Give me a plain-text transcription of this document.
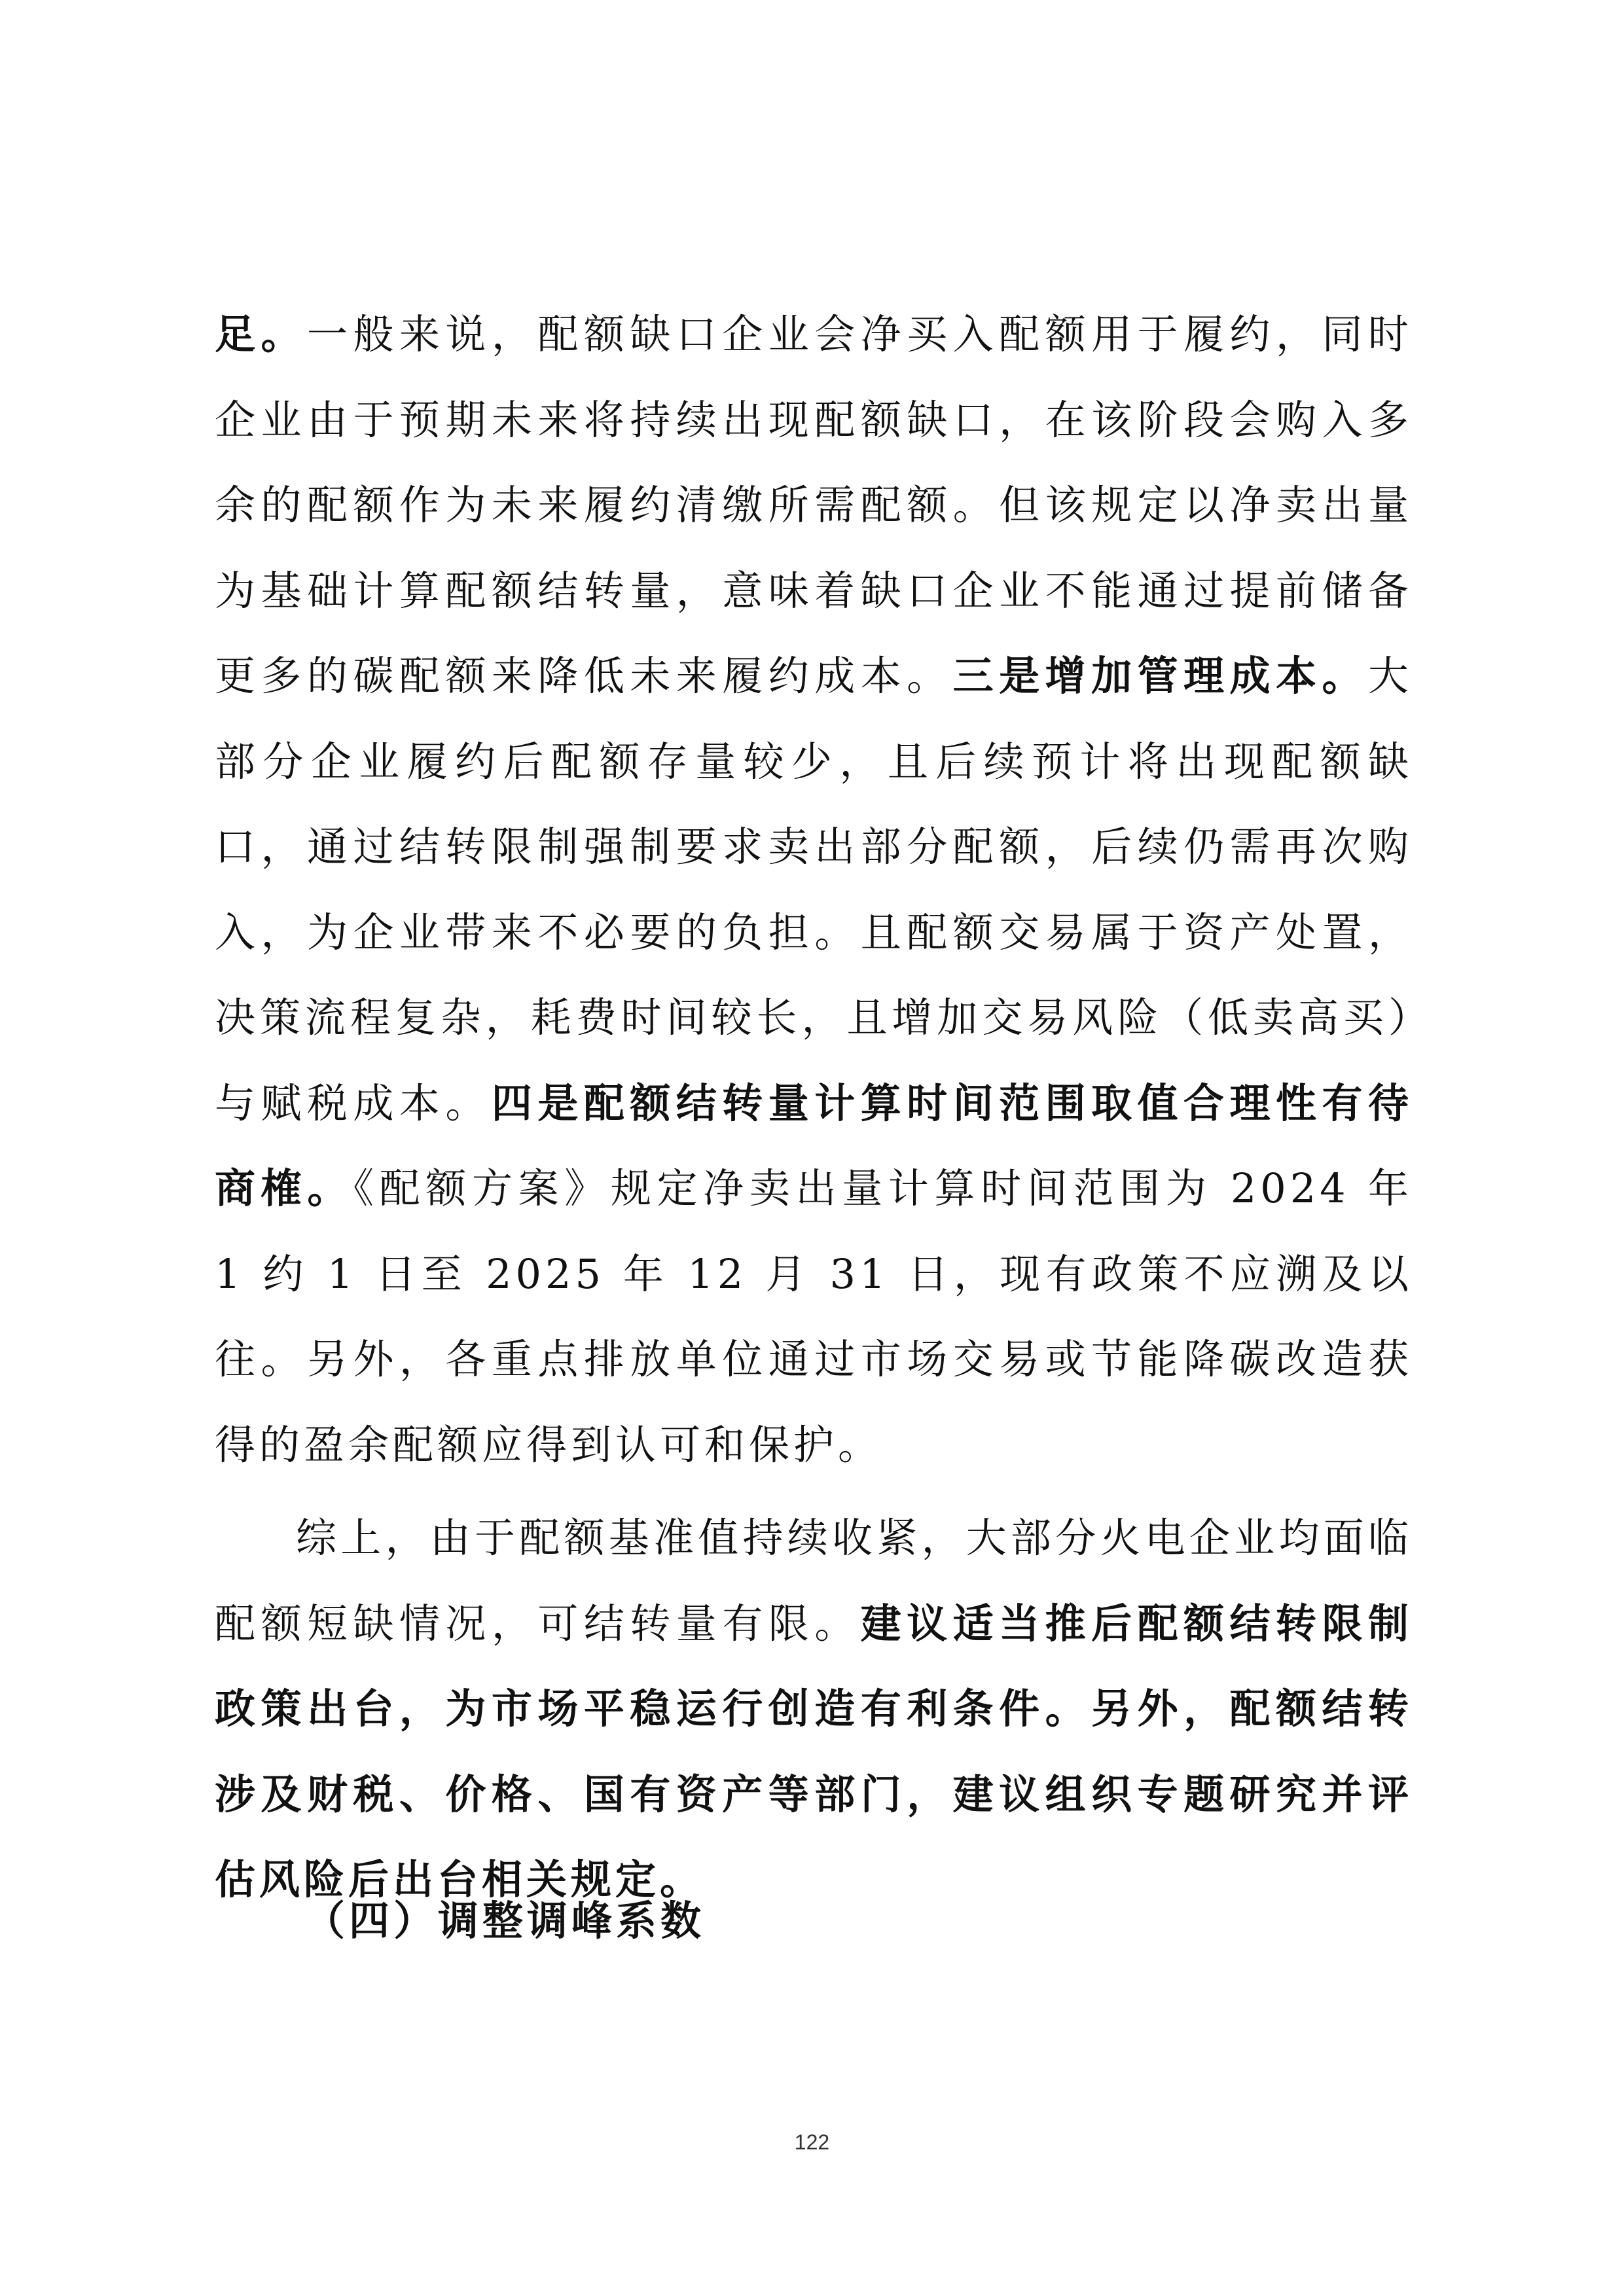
足。一般来说，配额缺口企业会净买入配额用于履约，同时企业由于预期未来将持续出现配额缺口，在该阶段会购入多余的配额作为未来履约清缴所需配额。但该规定以净卖出量为基础计算配额结转量，意味着缺口企业不能通过提前储备更多的碳配额来降低未来履约成本。三是增加管理成本。大部分企业履约后配额存量较少，且后续预计将出现配额缺口，通过结转限制强制要求卖出部分配额，后续仍需再次购入，为企业带来不必要的负担。且配额交易属于资产处置，决策流程复杂，耗费时间较长，且增加交易风险（低卖高买）与赋税成本。四是配额结转量计算时间范围取值合理性有待商榷。《配额方案》规定净卖出量计算时间范围为 2024 年 1 约 1 日至 2025 年 12 月 31 日，现有政策不应溯及以往。另外，各重点排放单位通过市场交易或节能降碳改造获得的盈余配额应得到认可和保护。

综上，由于配额基准值持续收紧，大部分火电企业均面临配额短缺情况，可结转量有限。建议适当推后配额结转限制政策出台，为市场平稳运行创造有利条件。另外，配额结转涉及财税、价格、国有资产等部门，建议组织专题研究并评估风险后出台相关规定。

（四）调整调峰系数
122
